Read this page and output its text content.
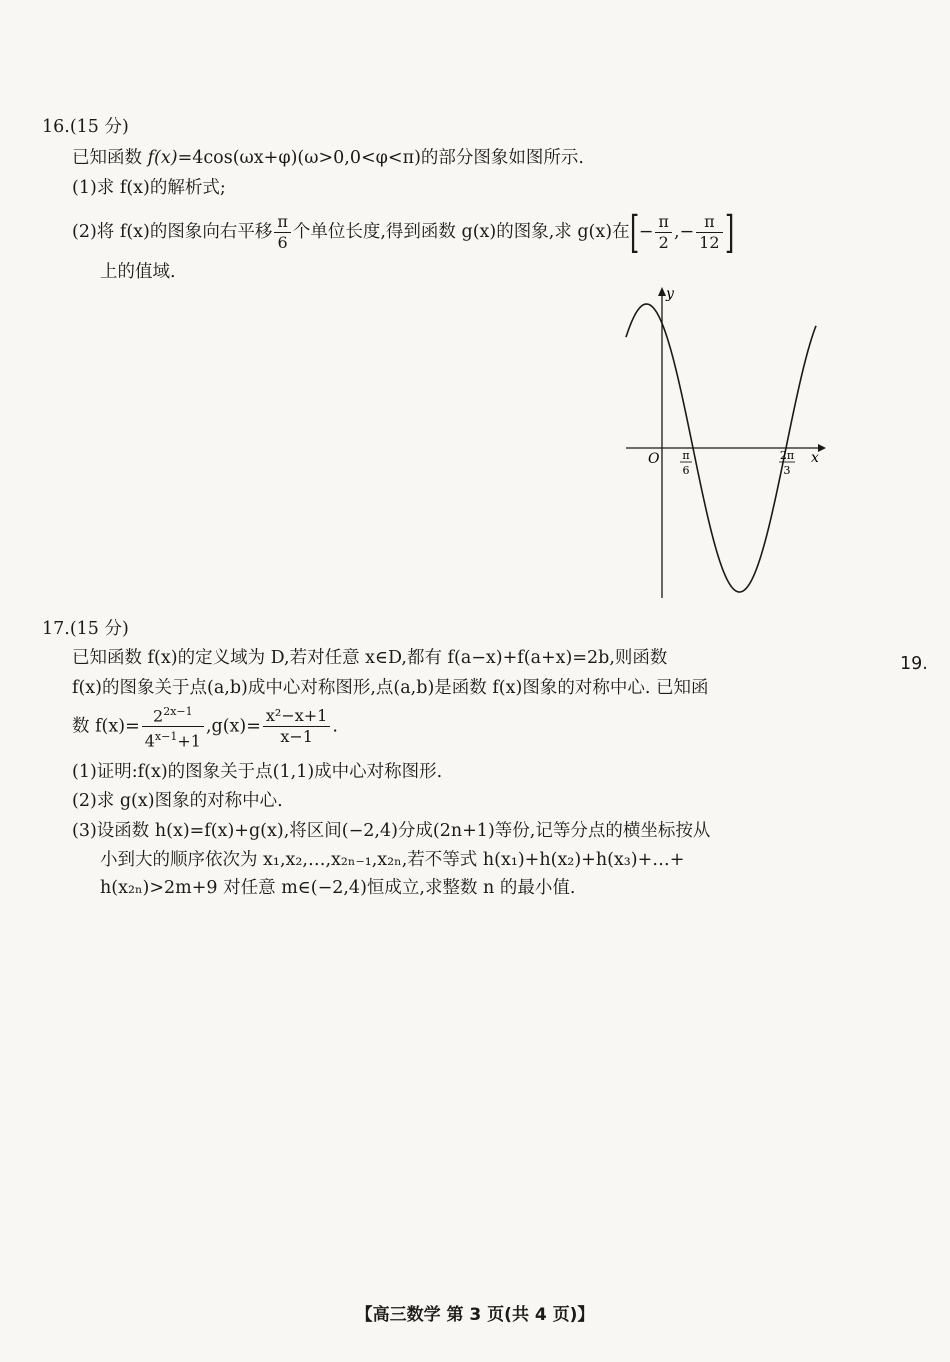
16.(15 分)
已知函数 f(x)=4cos(ωx+φ)(ω>0,0<φ<π)的部分图象如图所示.
(1)求 f(x)的解析式;
(2)将 f(x)的图象向右平移 $\frac{\pi}{6}$ 个单位长度,得到函数 g(x)的图象,求 g(x)在[− $\frac{\pi}{2}$ ,− $\frac{\pi}{12}$ ]
上的值域.
y
x
O π
6
2π
3
17.(15 分)
已知函数 f(x)的定义域为 D,若对任意 x∈D,都有 f(a−x)+f(a+x)=2b,则函数
f(x)的图象关于点(a,b)成中心对称图形,点(a,b)是函数 f(x)图象的对称中心. 已知函
数 $f(x)= \frac{2^{2x-1}}{4^{x-1}+1} ,g(x)= \frac{\text{x²−x+1}}{x-1}$ .
(1)证明:f(x)的图象关于点(1,1)成中心对称图形.
(2)求 g(x)图象的对称中心.
(3)设函数 h(x)=f(x)+g(x),将区间(−2,4)分成(2n+1)等份,记等分点的横坐标按从
小到大的顺序依次为 x₁,x₂,…,x₂ₙ₋₁,x₂ₙ,若不等式 h(x₁)+h(x₂)+h(x₃)+…+
h(x₂ₙ)>2m+9 对任意 m∈(−2,4)恒成立,求整数 n 的最小值.
19.
【高三数学 第 3 页(共 4 页)】
